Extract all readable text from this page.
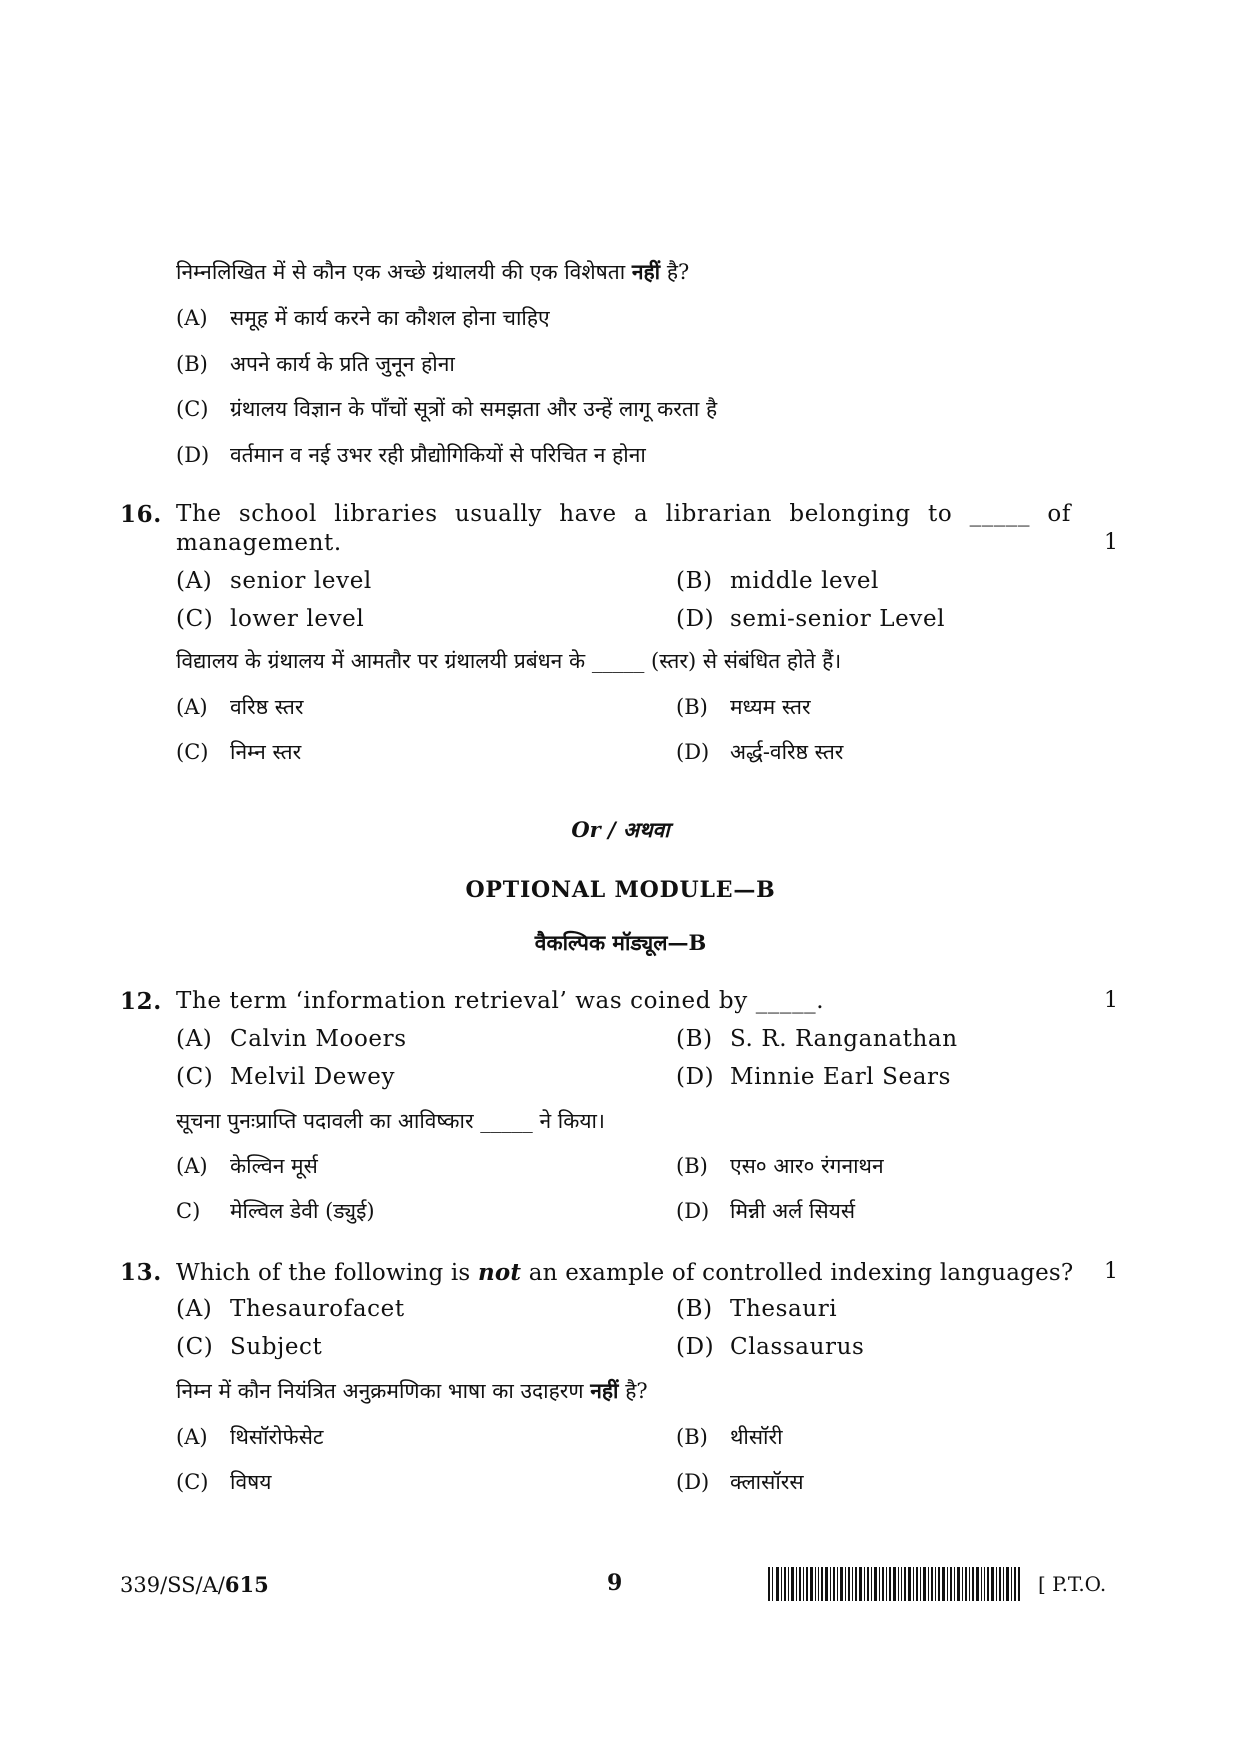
निम्नलिखित में से कौन एक अच्छे ग्रंथालयी की एक विशेषता नहीं है?
(A) समूह में कार्य करने का कौशल होना चाहिए
(B) अपने कार्य के प्रति जुनून होना
(C) ग्रंथालय विज्ञान के पाँचों सूत्रों को समझता और उन्हें लागू करता है
(D) वर्तमान व नई उभर रही प्रौद्योगिकियों से परिचित न होना
16. The school libraries usually have a librarian belonging to _____ of
management.	1
(A) senior level	(B) middle level
(C) lower level	(D) semi-senior Level
विद्यालय के ग्रंथालय में आमतौर पर ग्रंथालयी प्रबंधन के _____ (स्तर) से संबंधित होते हैं।
(A) वरिष्ठ स्तर	(B) मध्यम स्तर
(C) निम्न स्तर	(D) अर्द्ध-वरिष्ठ स्तर
Or / अथवा
OPTIONAL MODULE—B
वैकल्पिक मॉड्यूल—B
12. The term ‘information retrieval’ was coined by _____.	1
(A) Calvin Mooers	(B) S. R. Ranganathan
(C) Melvil Dewey	(D) Minnie Earl Sears
सूचना पुनःप्राप्ति पदावली का आविष्कार _____ ने किया।
(A) केल्विन मूर्स	(B) एस० आर० रंगनाथन
C) मेल्विल डेवी (ड्युई)	(D) मिन्नी अर्ल सियर्स
13. Which of the following is not an example of controlled indexing languages? 1
(A) Thesaurofacet	(B) Thesauri
(C) Subject	(D) Classaurus
निम्न में कौन नियंत्रित अनुक्रमणिका भाषा का उदाहरण नहीं है?
(A) थिसॉरोफेसेट	(B) थीसॉरी
(C) विषय	(D) क्लासॉरस
339/SS/A/615	9	[ P.T.O.
